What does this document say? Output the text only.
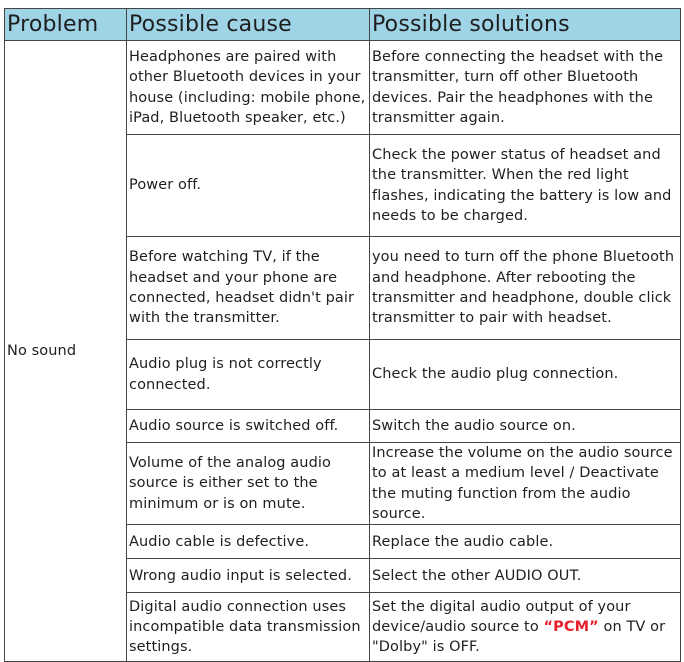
Problem	Possible cause	Possible solutions
No sound	Headphones are paired with other Bluetooth devices in your house (including: mobile phone, iPad, Bluetooth speaker, etc.)	Before connecting the headset with the transmitter, turn off other Bluetooth devices. Pair the headphones with the transmitter again.
	Power off.	Check the power status of headset and the transmitter. When the red light flashes, indicating the battery is low and needs to be charged.
	Before watching TV, if the headset and your phone are connected, headset didn't pair with the transmitter.	you need to turn off the phone Bluetooth and headphone. After rebooting the transmitter and headphone, double click transmitter to pair with headset.
	Audio plug is not correctly connected.	Check the audio plug connection.
	Audio source is switched off.	Switch the audio source on.
	Volume of the analog audio source is either set to the minimum or is on mute.	Increase the volume on the audio source to at least a medium level / Deactivate the muting function from the audio source.
	Audio cable is defective.	Replace the audio cable.
	Wrong audio input is selected.	Select the other AUDIO OUT.
	Digital audio connection uses incompatible data transmission settings.	Set the digital audio output of your device/audio source to “PCM” on TV or "Dolby" is OFF.
